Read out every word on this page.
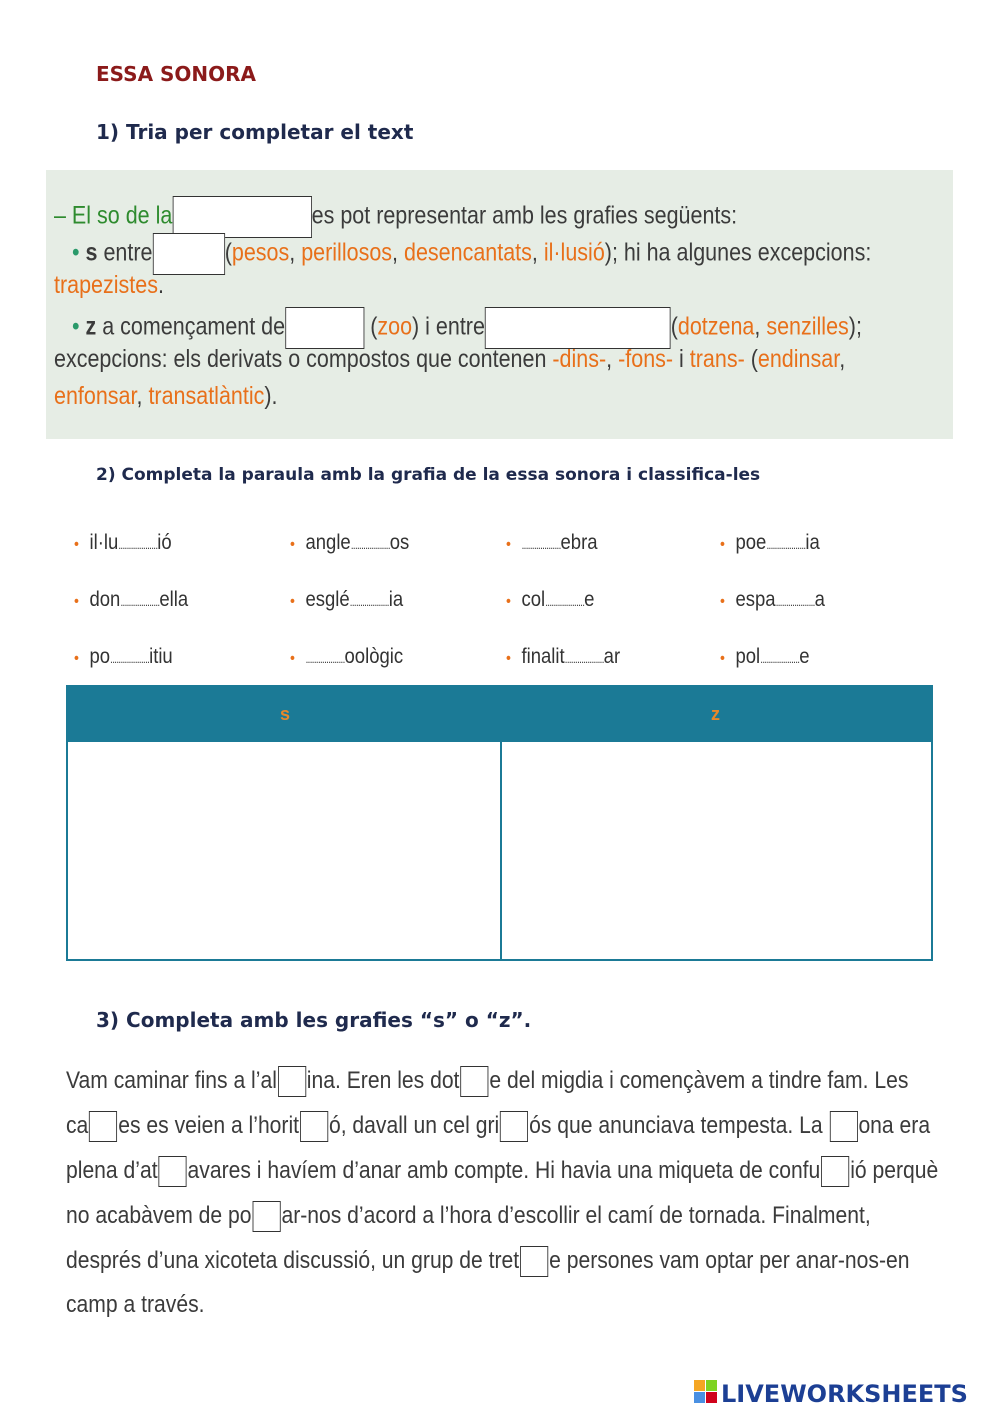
ESSA SONORA
1) Tria per completar el text
– El so de la	es pot representar amb les grafies següents:
• s entre	(pesos, perillosos, desencantats, il·lusió); hi ha algunes excepcions:
trapezistes.
• z a començament de	(zoo) i entre	(dotzena, senzilles);
excepcions: els derivats o compostos que contenen -dins-, -fons- i trans- (endinsar,
enfonsar, transatlàntic).
2) Completa la paraula amb la grafia de la essa sonora i classifica-les
• il·lu...................ió	• angle...................os	• ...................ebra	• poe...................ia
• don...................ella	• esglé...................ia	• col...................e	• espa...................a
• po...................itiu	• ...................oològic	• finalit...................ar	• pol...................e
s	z
3) Completa amb les grafies “s” o “z”.
Vam caminar fins a l’al ina. Eren les dot e del migdia i començàvem a tindre fam. Les
ca es es veien a l’horit ó, davall un cel gri ós que anunciava tempesta. La ona era
plena d’at avares i havíem d’anar amb compte. Hi havia una miqueta de confu ió perquè
no acabàvem de po ar-nos d’acord a l’hora d’escollir el camí de tornada. Finalment,
després d’una xicoteta discussió, un grup de tret e persones vam optar per anar-nos-en
camp a través.
LIVEWORKSHEETS
